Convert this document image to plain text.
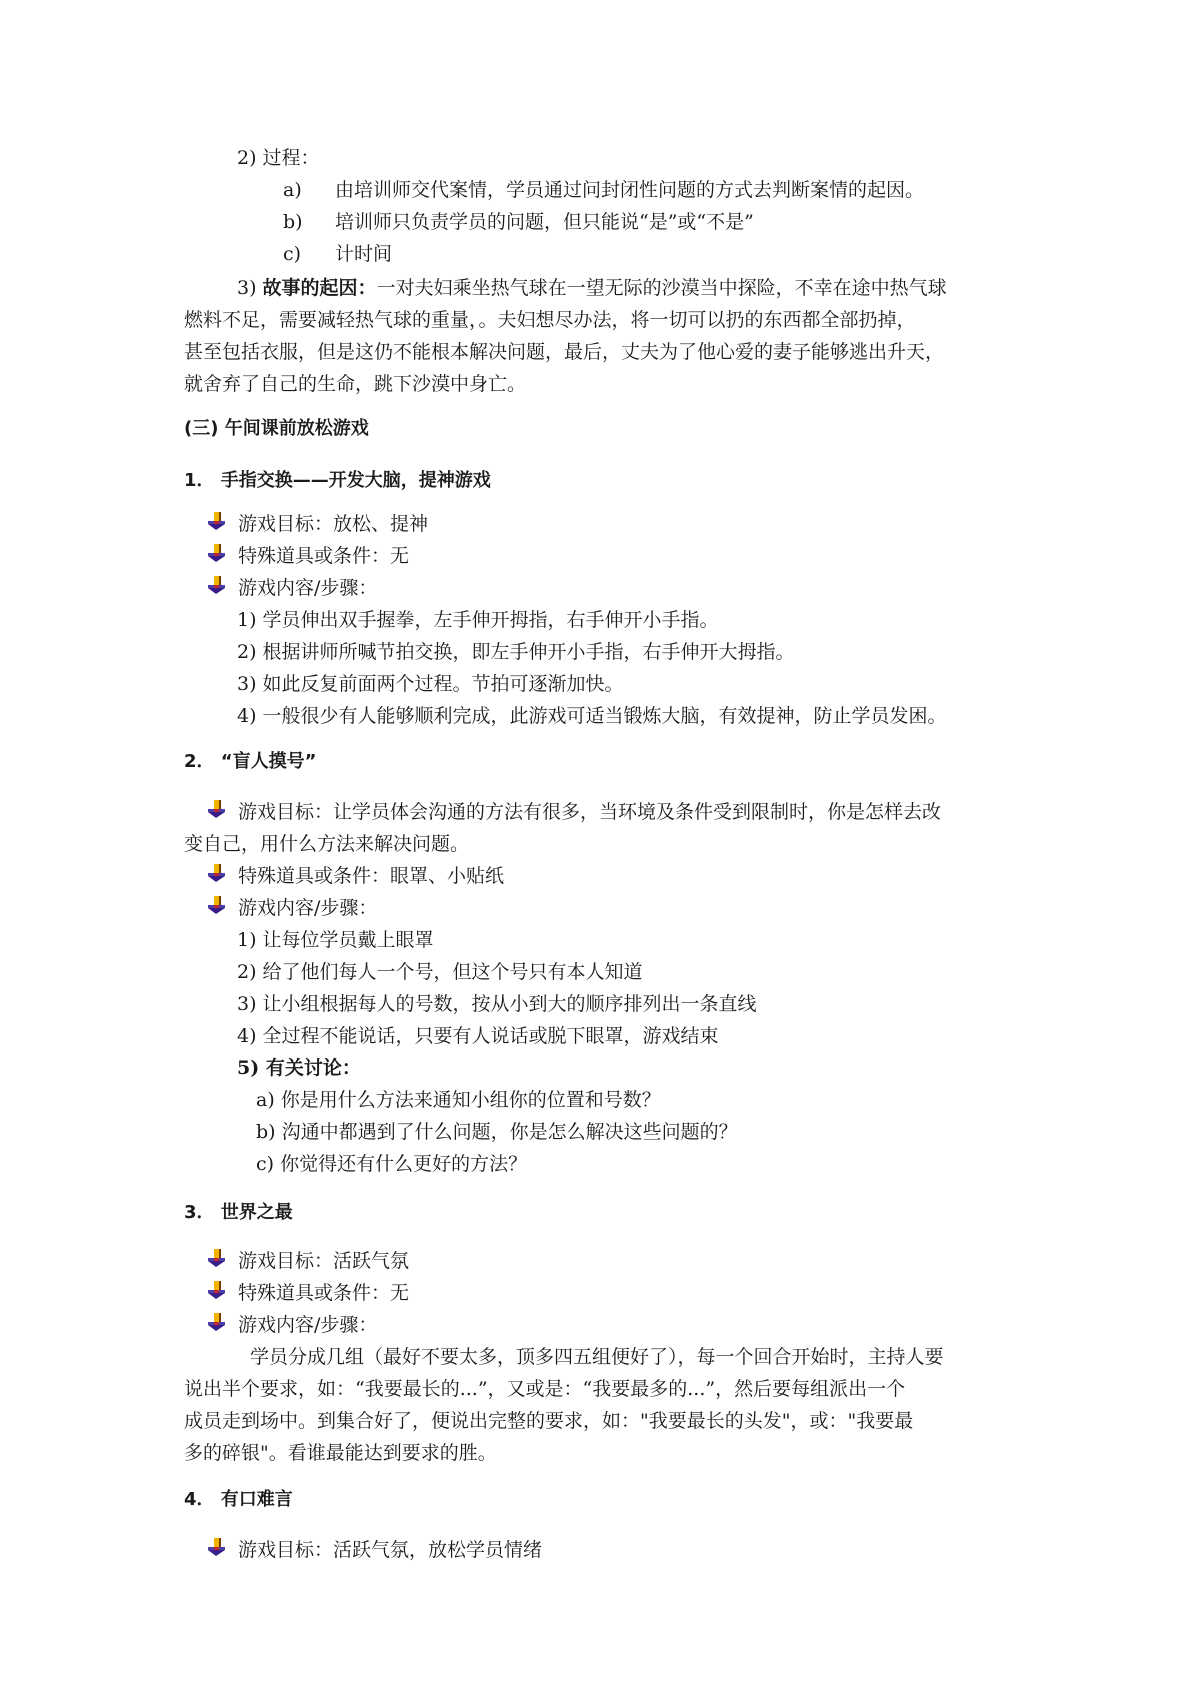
2) 过程：
a) 由培训师交代案情，学员通过问封闭性问题的方式去判断案情的起因。
b) 培训师只负责学员的问题，但只能说“是”或“不是”
c) 计时间
3) 故事的起因：一对夫妇乘坐热气球在一望无际的沙漠当中探险，不幸在途中热气球
燃料不足，需要减轻热气球的重量，。夫妇想尽办法，将一切可以扔的东西都全部扔掉，
甚至包括衣服，但是这仍不能根本解决问题，最后，丈夫为了他心爱的妻子能够逃出升天，
就舍弃了自己的生命，跳下沙漠中身亡。
(三) 午间课前放松游戏
1． 手指交换——开发大脑，提神游戏
游戏目标：放松、提神
特殊道具或条件：无
游戏内容/步骤：
1) 学员伸出双手握拳，左手伸开拇指，右手伸开小手指。
2) 根据讲师所喊节拍交换，即左手伸开小手指，右手伸开大拇指。
3) 如此反复前面两个过程。节拍可逐渐加快。
4) 一般很少有人能够顺利完成，此游戏可适当锻炼大脑，有效提神，防止学员发困。
2． “盲人摸号”
游戏目标：让学员体会沟通的方法有很多，当环境及条件受到限制时，你是怎样去改
变自己，用什么方法来解决问题。
特殊道具或条件：眼罩、小贴纸
游戏内容/步骤：
1) 让每位学员戴上眼罩
2) 给了他们每人一个号，但这个号只有本人知道
3) 让小组根据每人的号数，按从小到大的顺序排列出一条直线
4) 全过程不能说话，只要有人说话或脱下眼罩，游戏结束
5) 有关讨论：
a) 你是用什么方法来通知小组你的位置和号数？
b) 沟通中都遇到了什么问题，你是怎么解决这些问题的？
c) 你觉得还有什么更好的方法？
3． 世界之最
游戏目标：活跃气氛
特殊道具或条件：无
游戏内容/步骤：
学员分成几组（最好不要太多，顶多四五组便好了），每一个回合开始时，主持人要
说出半个要求，如：“我要最长的...”，又或是：“我要最多的...”，然后要每组派出一个
成员走到场中。到集合好了，便说出完整的要求，如："我要最长的头发"，或："我要最
多的碎银"。看谁最能达到要求的胜。
4． 有口难言
游戏目标：活跃气氛，放松学员情绪
